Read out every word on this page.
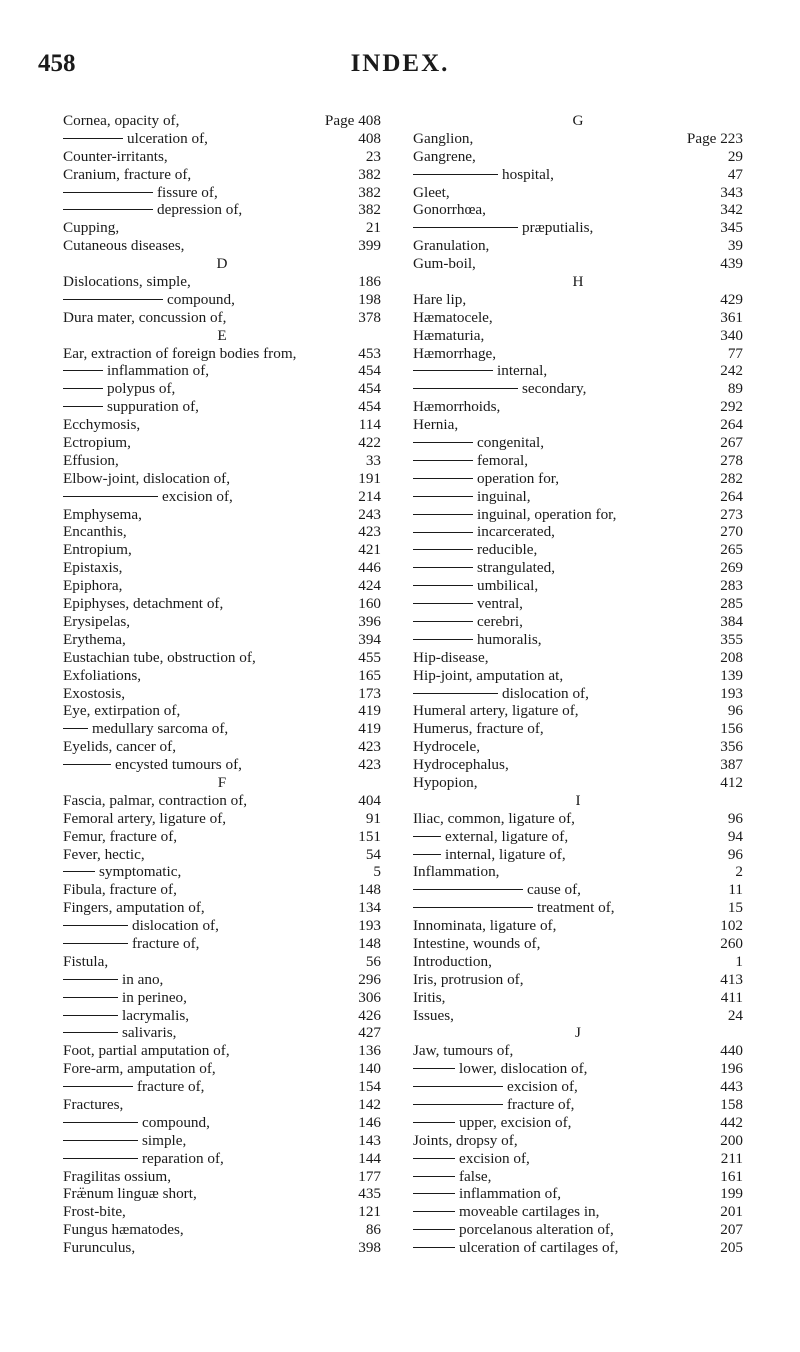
458	INDEX.
Cornea, opacity of,	Page 408
ulceration of,	408
Counter-irritants,	23
Cranium, fracture of,	382
fissure of,	382
depression of,	382
Cupping,	21
Cutaneous diseases,	399
D
Dislocations, simple,	186
compound,	198
Dura mater, concussion of,	378
E
Ear, extraction of foreign bodies from,	453
inflammation of,	454
polypus of,	454
suppuration of,	454
Ecchymosis,	114
Ectropium,	422
Effusion,	33
Elbow-joint, dislocation of,	191
excision of,	214
Emphysema,	243
Encanthis,	423
Entropium,	421
Epistaxis,	446
Epiphora,	424
Epiphyses, detachment of,	160
Erysipelas,	396
Erythema,	394
Eustachian tube, obstruction of,	455
Exfoliations,	165
Exostosis,	173
Eye, extirpation of,	419
medullary sarcoma of,	419
Eyelids, cancer of,	423
encysted tumours of,	423
F
Fascia, palmar, contraction of,	404
Femoral artery, ligature of,	91
Femur, fracture of,	151
Fever, hectic,	54
symptomatic,	5
Fibula, fracture of,	148
Fingers, amputation of,	134
dislocation of,	193
fracture of,	148
Fistula,	56
in ano,	296
in perineo,	306
lacrymalis,	426
salivaris,	427
Foot, partial amputation of,	136
Fore-arm, amputation of,	140
fracture of,	154
Fractures,	142
compound,	146
simple,	143
reparation of,	144
Fragilitas ossium,	177
Fræ̈num linguæ short,	435
Frost-bite,	121
Fungus hæmatodes,	86
Furunculus,	398
G
Ganglion,	Page 223
Gangrene,	29
hospital,	47
Gleet,	343
Gonorrhœa,	342
præputialis,	345
Granulation,	39
Gum-boil,	439
H
Hare lip,	429
Hæmatocele,	361
Hæmaturia,	340
Hæmorrhage,	77
internal,	242
secondary,	89
Hæmorrhoids,	292
Hernia,	264
congenital,	267
femoral,	278
operation for,	282
inguinal,	264
inguinal, operation for,	273
incarcerated,	270
reducible,	265
strangulated,	269
umbilical,	283
ventral,	285
cerebri,	384
humoralis,	355
Hip-disease,	208
Hip-joint, amputation at,	139
dislocation of,	193
Humeral artery, ligature of,	96
Humerus, fracture of,	156
Hydrocele,	356
Hydrocephalus,	387
Hypopion,	412
I
Iliac, common, ligature of,	96
external, ligature of,	94
internal, ligature of,	96
Inflammation,	2
cause of,	11
treatment of,	15
Innominata, ligature of,	102
Intestine, wounds of,	260
Introduction,	1
Iris, protrusion of,	413
Iritis,	411
Issues,	24
J
Jaw, tumours of,	440
lower, dislocation of,	196
excision of,	443
fracture of,	158
upper, excision of,	442
Joints, dropsy of,	200
excision of,	211
false,	161
inflammation of,	199
moveable cartilages in,	201
porcelanous alteration of,	207
ulceration of cartilages of,	205
